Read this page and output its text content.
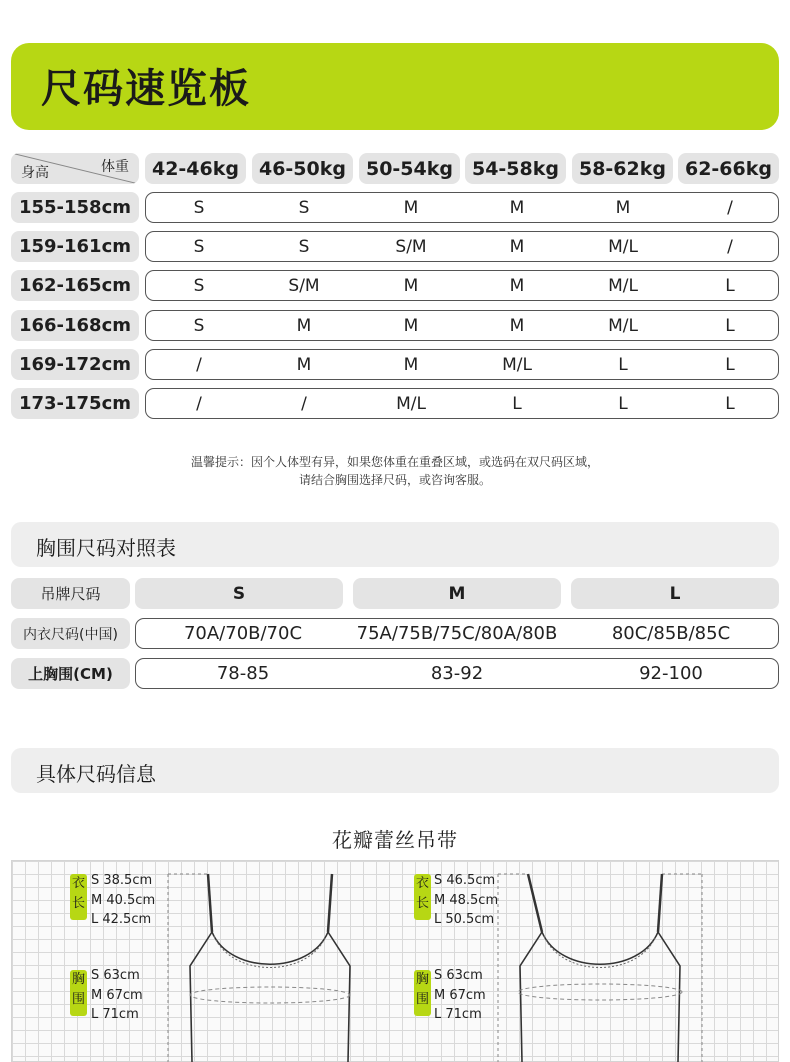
尺码速览板
身高	体重	42-46kg	46-50kg	50-54kg 54-58kg	58-62kg 62-66kg
155-158cm	S	S	M	M	M	/
159-161cm	S	S	S/M	M	M/L	/
162-165cm	S	S/M	M	M	M/L	L
166-168cm	S	M	M	M	M/L	L
169-172cm	/	M	M	M/L	L	L
173-175cm	/	/	M/L	L	L	L
温馨提示：因个人体型有异，如果您体重在重叠区域，或选码在双尺码区域，
请结合胸围选择尺码，或咨询客服。
胸围尺码对照表
吊牌尺码	S	M	L
内衣尺码(中国)	70A/70B/70C	75A/75B/75C/80A/80B	80C/85B/85C
上胸围(CM)	78-85	83-92	92-100
具体尺码信息
花瓣蕾丝吊带
衣
长
S 38.5cm
M 40.5cm
L 42.5cm
胸
围
S 63cm
M 67cm
L 71cm
衣
长
S 46.5cm
M 48.5cm
L 50.5cm
胸
围
S 63cm
M 67cm
L 71cm
